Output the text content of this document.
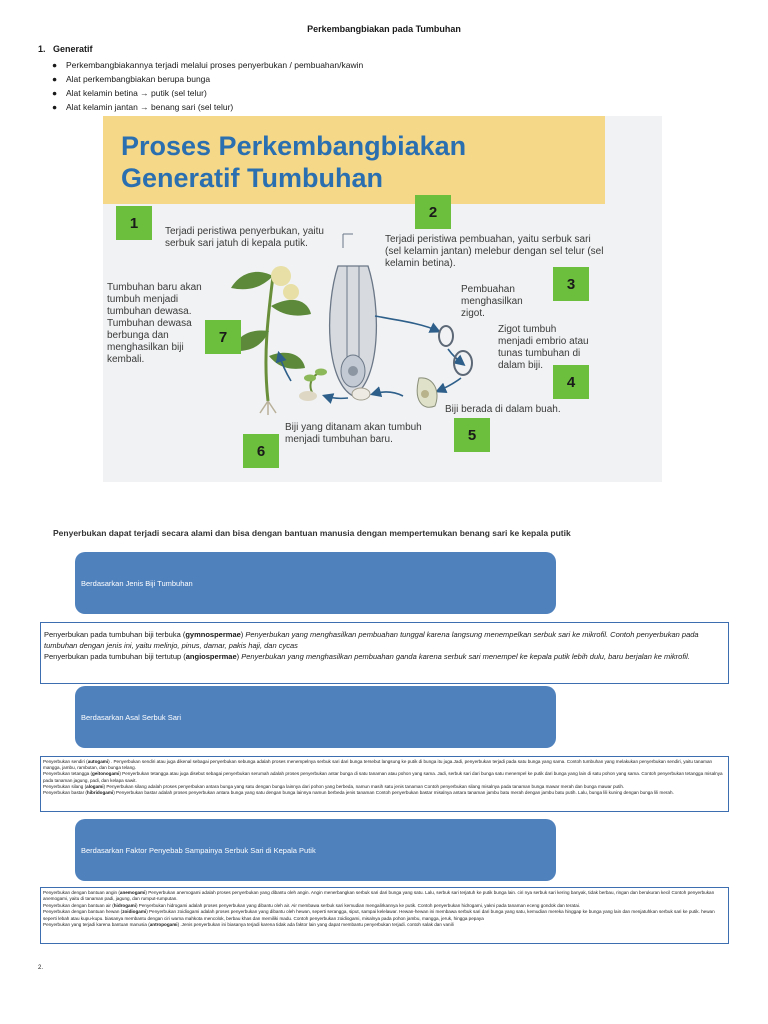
Perkembangbiakan pada Tumbuhan
1. Generatif
● Perkembangbiakannya terjadi melalui proses penyerbukan / pembuahan/kawin
● Alat perkembangbiakan berupa bunga
● Alat kelamin betina → putik (sel telur)
● Alat kelamin jantan → benang sari (sel telur)
Proses Perkembangbiakan
Generatif Tumbuhan
1
2
3
4
5
6
7
Terjadi peristiwa penyerbukan, yaitu serbuk sari jatuh di kepala putik.	Terjadi peristiwa pembuahan, yaitu serbuk sari (sel kelamin jantan) melebur dengan sel telur (sel kelamin betina).
Pembuahan menghasilkan zigot.
Zigot tumbuh menjadi embrio atau tunas tumbuhan di dalam biji.
Biji berada di dalam buah.
Biji yang ditanam akan tumbuh menjadi tumbuhan baru.
Tumbuhan baru akan tumbuh menjadi tumbuhan dewasa. Tumbuhan dewasa berbunga dan menghasilkan biji kembali.
Penyerbukan dapat terjadi secara alami dan bisa dengan bantuan manusia dengan mempertemukan benang sari ke kepala putik
Berdasarkan Jenis Biji Tumbuhan

Penyerbukan pada tumbuhan biji terbuka (gymnospermae) Penyerbukan yang menghasilkan pembuahan tunggal karena langsung menempelkan serbuk sari ke mikrofil. Contoh penyerbukan pada tumbuhan dengan jenis ini, yaitu melinjo, pinus, damar, pakis haji, dan cycas

Penyerbukan pada tumbuhan biji tertutup (angiospermae) Penyerbukan yang menghasilkan pembuahan ganda karena serbuk sari menempel ke kepala putik lebih dulu, baru berjalan ke mikrofil.

Berdasarkan Asal Serbuk Sari

Penyerbukan sendiri (autogami) . Penyerbukan sendiri atau juga dikenal sebagai penyerbukan sebunga adalah proses menempelnya serbuk sari dari bunga tersebut langsung ke putik di bunga itu juga.Jadi, penyerbukan terjadi pada satu bunga yang sama. Contoh tumbuhan yang melakukan penyerbukan sendiri, yaitu tanaman mangga, jambu, rambutan, dan bunga telang.

Penyerbukan tetangga (geitonogami) Penyerbukan tetangga atau juga disebut sebagai penyerbukan serumah adalah proses penyerbukan antar bunga di satu tanaman atau pohon yang sama. Jadi, serbuk sari dari bunga satu menempel ke putik dari bunga yang lain di satu pohon yang sama. Contoh penyerbukan tetangga misalnya pada tanaman jagung, padi, dan kelapa sawit.

Penyerbukan silang (alogami) Penyerbukan silang adalah proses penyerbukan antara bunga yang satu dengan bunga lainnya dari pohon yang berbeda, namun masih satu jenis tanaman Contoh penyerbukan silang misalnya pada tanaman bunga mawar merah dan bunga mawar putih.

Penyerbukan bastar (hibridogami) Penyerbukan bastar adalah proses penyerbukan antara bunga yang satu dengan bunga lainnya namun berbeda jenis tanaman Contoh penyerbukan bastar misalnya antara tanaman jambu batu merah dengan jambu batu putih. Lalu, bunga lili kuning dengan bunga lili merah.

Berdasarkan Faktor Penyebab Sampainya Serbuk Sari di Kepala Putik

Penyerbukan dengan bantuan angin (anemogami) Penyerbukan anemogami adalah proses penyerbukan yang dibantu oleh angin. Angin menerbangkan serbuk sari dari bunga yang satu. Lalu, serbuk sari terjatuh ke putik bunga lain. ciri nya serbuk sari kering banyak, tidak berbau, ringan dan berukuran kecil Contoh penyerbukan anemogami, yaitu di tanaman padi, jagung, dan rumput-rumputan.

Penyerbukan dengan bantuan air (hidrogami) Penyerbukan hidrogami adalah proses penyerbukan yang dibantu oleh air. Air membawa serbuk sari kemudian mengalirkannya ke putik. Contoh penyerbukan hidrogami, yakni pada tanaman eceng gondok dan teratai.

Penyerbukan dengan bantuan hewan (zoidiogami) Penyerbukan zoidiogami adalah proses penyerbukan yang dibantu oleh hewan, seperti serangga, siput, sampai kelelawar. Hewan-hewan ini membawa serbuk sari dari bunga yang satu, kemudian mereka hinggap ke bunga yang lain dan menjatuhkan serbuk sari ke putik. hewan seperti lebah atau kupu-kupu. biasanya membantu dengan ciri warna mahkota mencolok, berbau khas dan memiliki madu. Contoh penyerbukan zoidiogami, misalnya pada pohon jambu, mangga, jeruk, hingga pepaya

Penyerbukan yang terjadi karena bantuan manusia (antropogami) .Jenis penyerbukan ini biasanya terjadi karena tidak ada faktor lain yang dapat membantu penyerbukan terjadi. contoh salak dan vanili

2.
